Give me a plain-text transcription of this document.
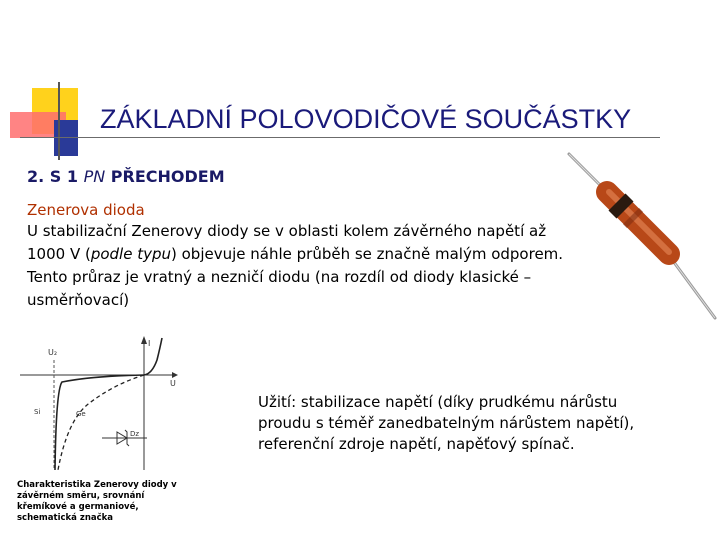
ZÁKLADNÍ POLOVODIČOVÉ SOUČÁSTKY
2. S 1 PN PŘECHODEM
Zenerova dioda

U stabilizační Zenerovy diody se v oblasti kolem závěrného napětí až 1000 V (podle typu) objevuje náhle průběh se značně malým odporem. Tento průraz je vratný a nezničí diodu (na rozdíl od diody klasické – usměrňovací)

Užití: stabilizace napětí (díky prudkému nárůstu proudu s téměř zanedbatelným nárůstem napětí), referenční zdroje napětí, napěťový spínač.

U₂
I
U
Si	Ge
Dz

Charakteristika Zenerovy diody v závěrném směru, srovnání křemíkové a germaniové, schematická značka
